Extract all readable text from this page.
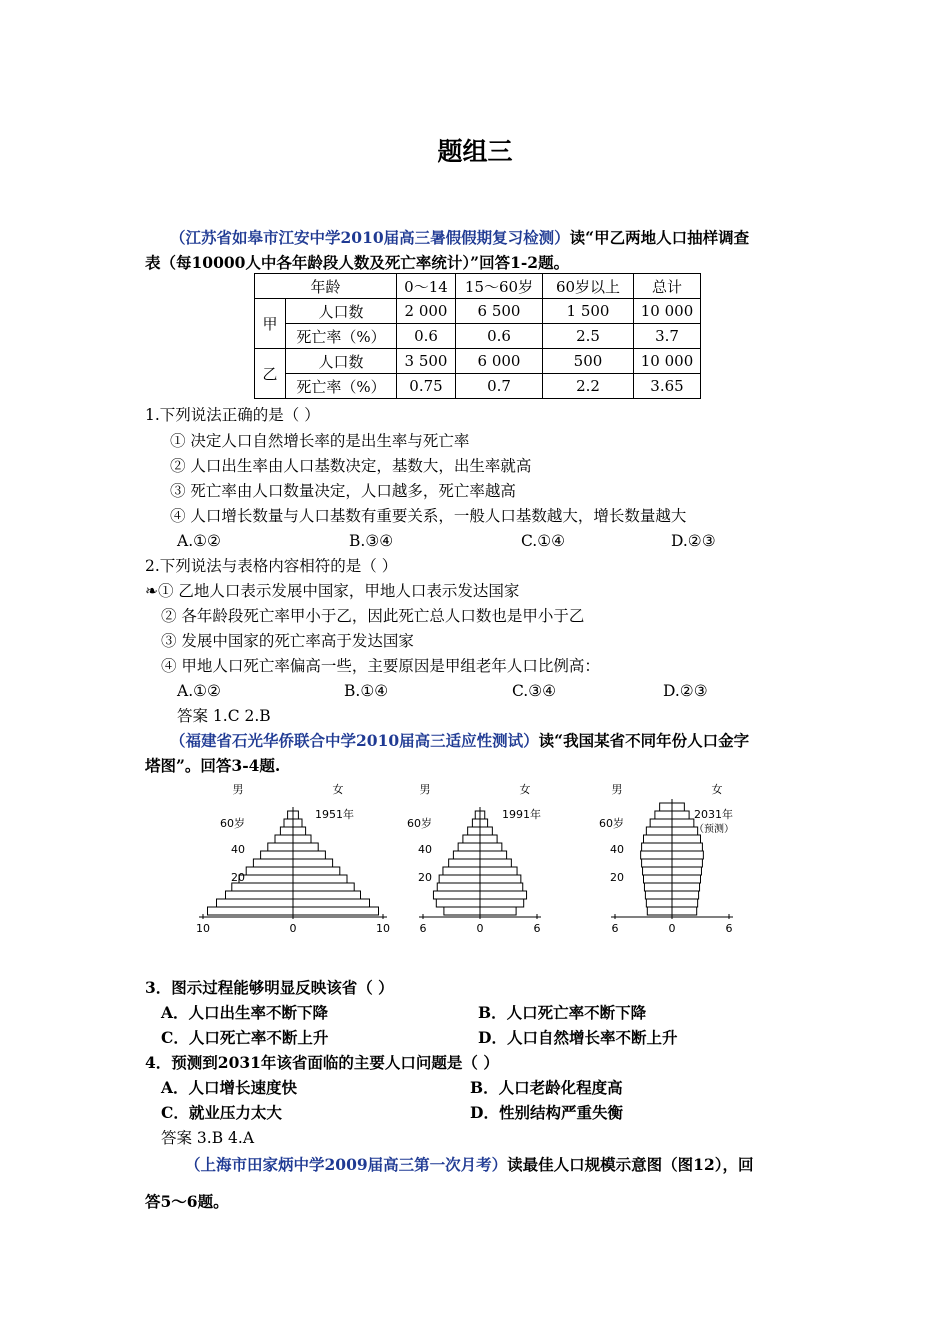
题组三
（江苏省如皋市江安中学2010届高三暑假假期复习检测）读“甲乙两地人口抽样调查
表（每10000人中各年龄段人数及死亡率统计）”回答1-2题。
年龄		0～14	15～60岁	60岁以上	总计
甲	人口数	2 000	6 500	1 500	10 000
	死亡率（%）	0.6	0.6	2.5	3.7
乙	人口数	3 500	6 000	500	10 000
	死亡率（%）	0.75	0.7	2.2	3.65
1.下列说法正确的是（ ）
① 决定人口自然增长率的是出生率与死亡率
② 人口出生率由人口基数决定，基数大，出生率就高
③ 死亡率由人口数量决定，人口越多，死亡率越高
④ 人口增长数量与人口基数有重要关系，一般人口基数越大，增长数量越大
A.①②	B.③④	C.①④	D.②③
2.下列说法与表格内容相符的是（ ）
❧① 乙地人口表示发展中国家，甲地人口表示发达国家
② 各年龄段死亡率甲小于乙，因此死亡总人口数也是甲小于乙
③ 发展中国家的死亡率高于发达国家
④ 甲地人口死亡率偏高一些，主要原因是甲组老年人口比例高：
A.①②	B.①④	C.③④	D.②③
答案 1.C 2.B
（福建省石光华侨联合中学2010届高三适应性测试）读“我国某省不同年份人口金字
塔图”。回答3-4题.
10	0	10
男	女
1951年
60岁
40
20
6	0	6
男	女
1991年
60岁
40
20
6	0	6
男	女
2031年
（预测）
60岁
40
20
3．图示过程能够明显反映该省（ ）
A．人口出生率不断下降	B．人口死亡率不断下降
C．人口死亡率不断上升	D．人口自然增长率不断上升
4．预测到2031年该省面临的主要人口问题是（ ）
A．人口增长速度快	B．人口老龄化程度高
C．就业压力太大	D．性别结构严重失衡
答案 3.B 4.A
（上海市田家炳中学2009届高三第一次月考）读最佳人口规模示意图（图12），回
答5～6题。
